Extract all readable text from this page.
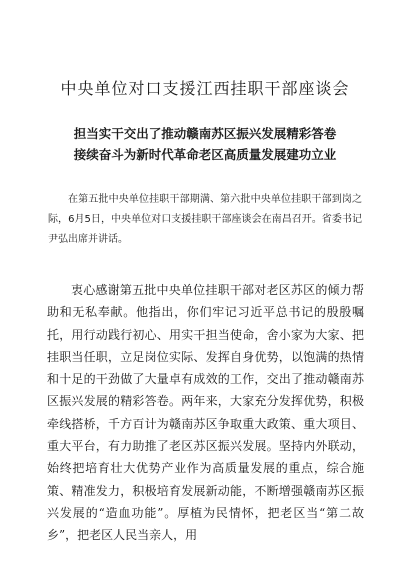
中央单位对口支援江西挂职干部座谈会
担当实干交出了推动赣南苏区振兴发展精彩答卷
接续奋斗为新时代革命老区高质量发展建功立业

在第五批中央单位挂职干部期满、第六批中央单位挂职干部到岗之际，6月5日，中央单位对口支援挂职干部座谈会在南昌召开。省委书记尹弘出席并讲话。

衷心感谢第五批中央单位挂职干部对老区苏区的倾力帮助和无私奉献。他指出，你们牢记习近平总书记的殷殷嘱托，用行动践行初心、用实干担当使命，舍小家为大家、把挂职当任职，立足岗位实际、发挥自身优势，以饱满的热情和十足的干劲做了大量卓有成效的工作，交出了推动赣南苏区振兴发展的精彩答卷。两年来，大家充分发挥优势，积极牵线搭桥，千方百计为赣南苏区争取重大政策、重大项目、重大平台，有力助推了老区苏区振兴发展。坚持内外联动，始终把培育壮大优势产业作为高质量发展的重点，综合施策、精准发力，积极培育发展新动能，不断增强赣南苏区振兴发展的“造血功能”。厚植为民情怀，把老区当“第二故乡”，把老区人民当亲人，用
